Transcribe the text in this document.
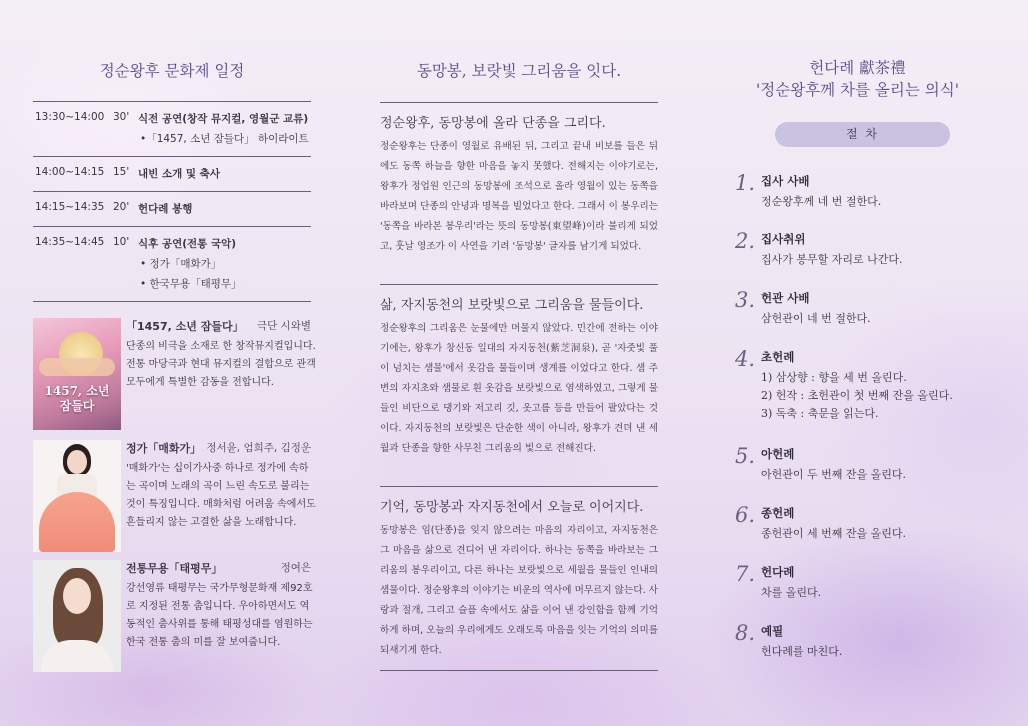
정순왕후 문화제 일정
13:30~14:00 30' 식전 공연(창작 뮤지컬, 영월군 교류)
•「1457, 소년 잠들다」 하이라이트
14:00~14:15 15' 내빈 소개 및 축사
14:15~14:35 20' 헌다례 봉행
14:35~14:45 10' 식후 공연(전통 국악)
• 정가「매화가」
• 한국무용「태평무」
1457, 소년 잠들다
「1457, 소년 잠들다」
단종의 비극을 소재로 한 창작뮤지컬입니다. 전통 마당극과 현대 뮤지컬의 결합으로 관객 모두에게 특별한 감동을 전합니다.
극단 시와별
정가「매화가」
'매화가'는 십이가사중 하나로 정가에 속하는 곡이며 노래의 곡이 느린 속도로 불리는 것이 특징입니다. 매화처럼 어려움 속에서도 흔들리지 않는 고결한 삶을 노래합니다.
정서윤, 엄희주, 김정운
전통무용「태평무」
강선영류 태평무는 국가무형문화재 제92호로 지정된 전통 춤입니다. 우아하면서도 역동적인 춤사위를 통해 태평성대를 염원하는 한국 전통 춤의 미를 잘 보여줍니다.
정여은
동망봉, 보랏빛 그리움을 잇다.
정순왕후, 동망봉에 올라 단종을 그리다.
정순왕후는 단종이 영월로 유배된 뒤, 그리고 끝내 비보를 들은 뒤에도 동쪽 하늘을 향한 마음을 놓지 못했다. 전해지는 이야기로는, 왕후가 정업원 인근의 동망봉에 조석으로 올라 영월이 있는 동쪽을 바라보며 단종의 안녕과 명복을 빌었다고 한다. 그래서 이 봉우리는 '동쪽을 바라본 봉우리'라는 뜻의 동망봉(東望峰)이라 불리게 되었고, 훗날 영조가 이 사연을 기려 '동망봉' 글자를 남기게 되었다.
삶, 자지동천의 보랏빛으로 그리움을 물들이다.
정순왕후의 그리움은 눈물에만 머물지 않았다. 민간에 전하는 이야기에는, 왕후가 창신동 일대의 자지동천(紫芝洞泉), 곧 '자줏빛 풀이 넘치는 샘물'에서 옷감을 물들이며 생계를 이었다고 한다. 샘 주변의 자지초와 샘물로 흰 옷감을 보랏빛으로 염색하였고, 그렇게 물들인 비단으로 댕기와 저고리 깃, 옷고름 등을 만들어 팔았다는 것이다. 자지동천의 보랏빛은 단순한 색이 아니라, 왕후가 견뎌 낸 세월과 단종을 향한 사무친 그리움의 빛으로 전해진다.
기억, 동망봉과 자지동천에서 오늘로 이어지다.
동망봉은 임(단종)을 잊지 않으려는 마음의 자리이고, 자지동천은 그 마음을 삶으로 견디어 낸 자리이다. 하나는 동쪽을 바라보는 그리움의 봉우리이고, 다른 하나는 보랏빛으로 세월을 물들인 인내의 샘물이다. 정순왕후의 이야기는 비운의 역사에 머무르지 않는다. 사랑과 절개, 그리고 슬픔 속에서도 삶을 이어 낸 강인함을 함께 기억하게 하며, 오늘의 우리에게도 오래도록 마음을 잇는 기억의 의미를 되새기게 한다.
헌다례 獻茶禮
'정순왕후께 차를 올리는 의식'
절 차
1. 집사 사배
정순왕후께 네 번 절한다.
2. 집사취위
집사가 봉무할 자리로 나간다.
3. 헌관 사배
삼헌관이 네 번 절한다.
4. 초헌례
1) 삼상향 : 향을 세 번 올린다.
2) 헌작 : 초헌관이 첫 번째 잔을 올린다.
3) 독축 : 축문을 읽는다.
5. 아헌례
아헌관이 두 번째 잔을 올린다.
6. 종헌례
종헌관이 세 번째 잔을 올린다.
7. 헌다례
차를 올린다.
8. 예필
헌다례를 마친다.
